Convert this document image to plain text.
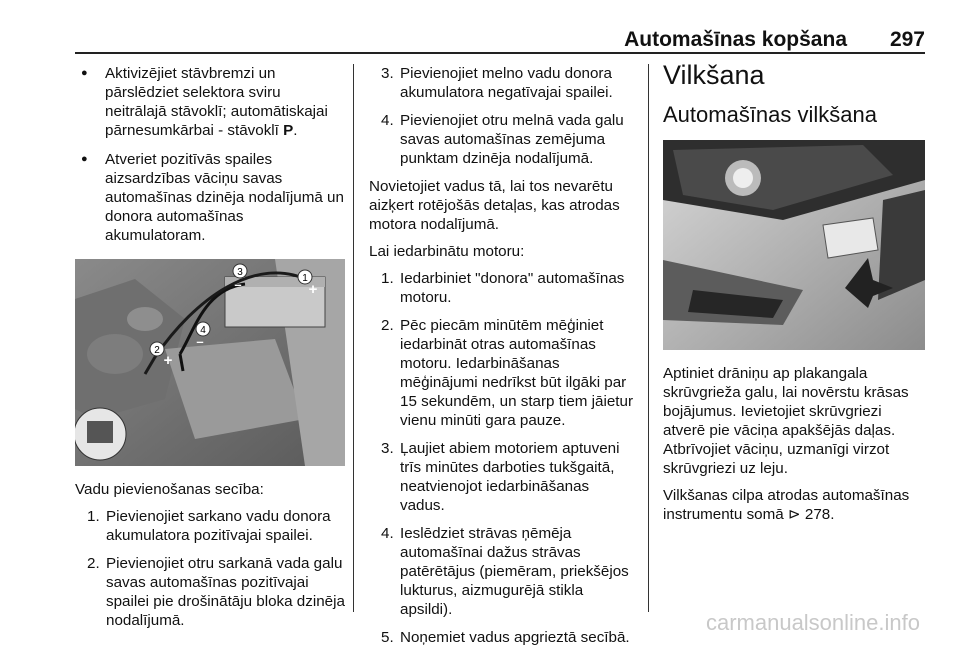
Automašīnas kopšana 297
● Aktivizējiet stāvbremzi un pārslēdziet selektora sviru neitrālajā stāvoklī; automātiskajai pārnesumkārbai - stāvoklī P.
● Atveriet pozitīvās spailes aizsardzības vāciņu savas automašīnas dzinēja nodalījumā un donora automašīnas akumulatoram.
3
–	1
+
4
–
2
+
Vadu pievienošanas secība:
1. Pievienojiet sarkano vadu donora akumulatora pozitīvajai spailei.
2. Pievienojiet otru sarkanā vada galu savas automašīnas pozitīvajai spailei pie drošinātāju bloka dzinēja nodalījumā.
3. Pievienojiet melno vadu donora akumulatora negatīvajai spailei.
4. Pievienojiet otru melnā vada galu savas automašīnas zemējuma punktam dzinēja nodalījumā.
Novietojiet vadus tā, lai tos nevarētu aizķert rotējošās detaļas, kas atrodas motora nodalījumā.
Lai iedarbinātu motoru:
1. Iedarbiniet "donora" automašīnas motoru.
2. Pēc piecām minūtēm mēģiniet iedarbināt otras automašīnas motoru. Iedarbināšanas mēģinājumi nedrīkst būt ilgāki par 15 sekundēm, un starp tiem jāietur vienu minūti gara pauze.
3. Ļaujiet abiem motoriem aptuveni trīs minūtes darboties tukšgaitā, neatvienojot iedarbināšanas vadus.
4. Ieslēdziet strāvas ņēmēja automašīnai dažus strāvas patērētājus (piemēram, priekšējos lukturus, aizmugurējā stikla apsildi).
5. Noņemiet vadus apgrieztā secībā.
Vilkšana
Automašīnas vilkšana
Aptiniet drāniņu ap plakangala skrūvgrieža galu, lai novērstu krāsas bojājumus. Ievietojiet skrūvgriezi atverē pie vāciņa apakšējās daļas. Atbrīvojiet vāciņu, uzmanīgi virzot skrūvgriezi uz leju.
Vilkšanas cilpa atrodas automašīnas instrumentu somā ⊳ 278.
carmanualsonline.info
